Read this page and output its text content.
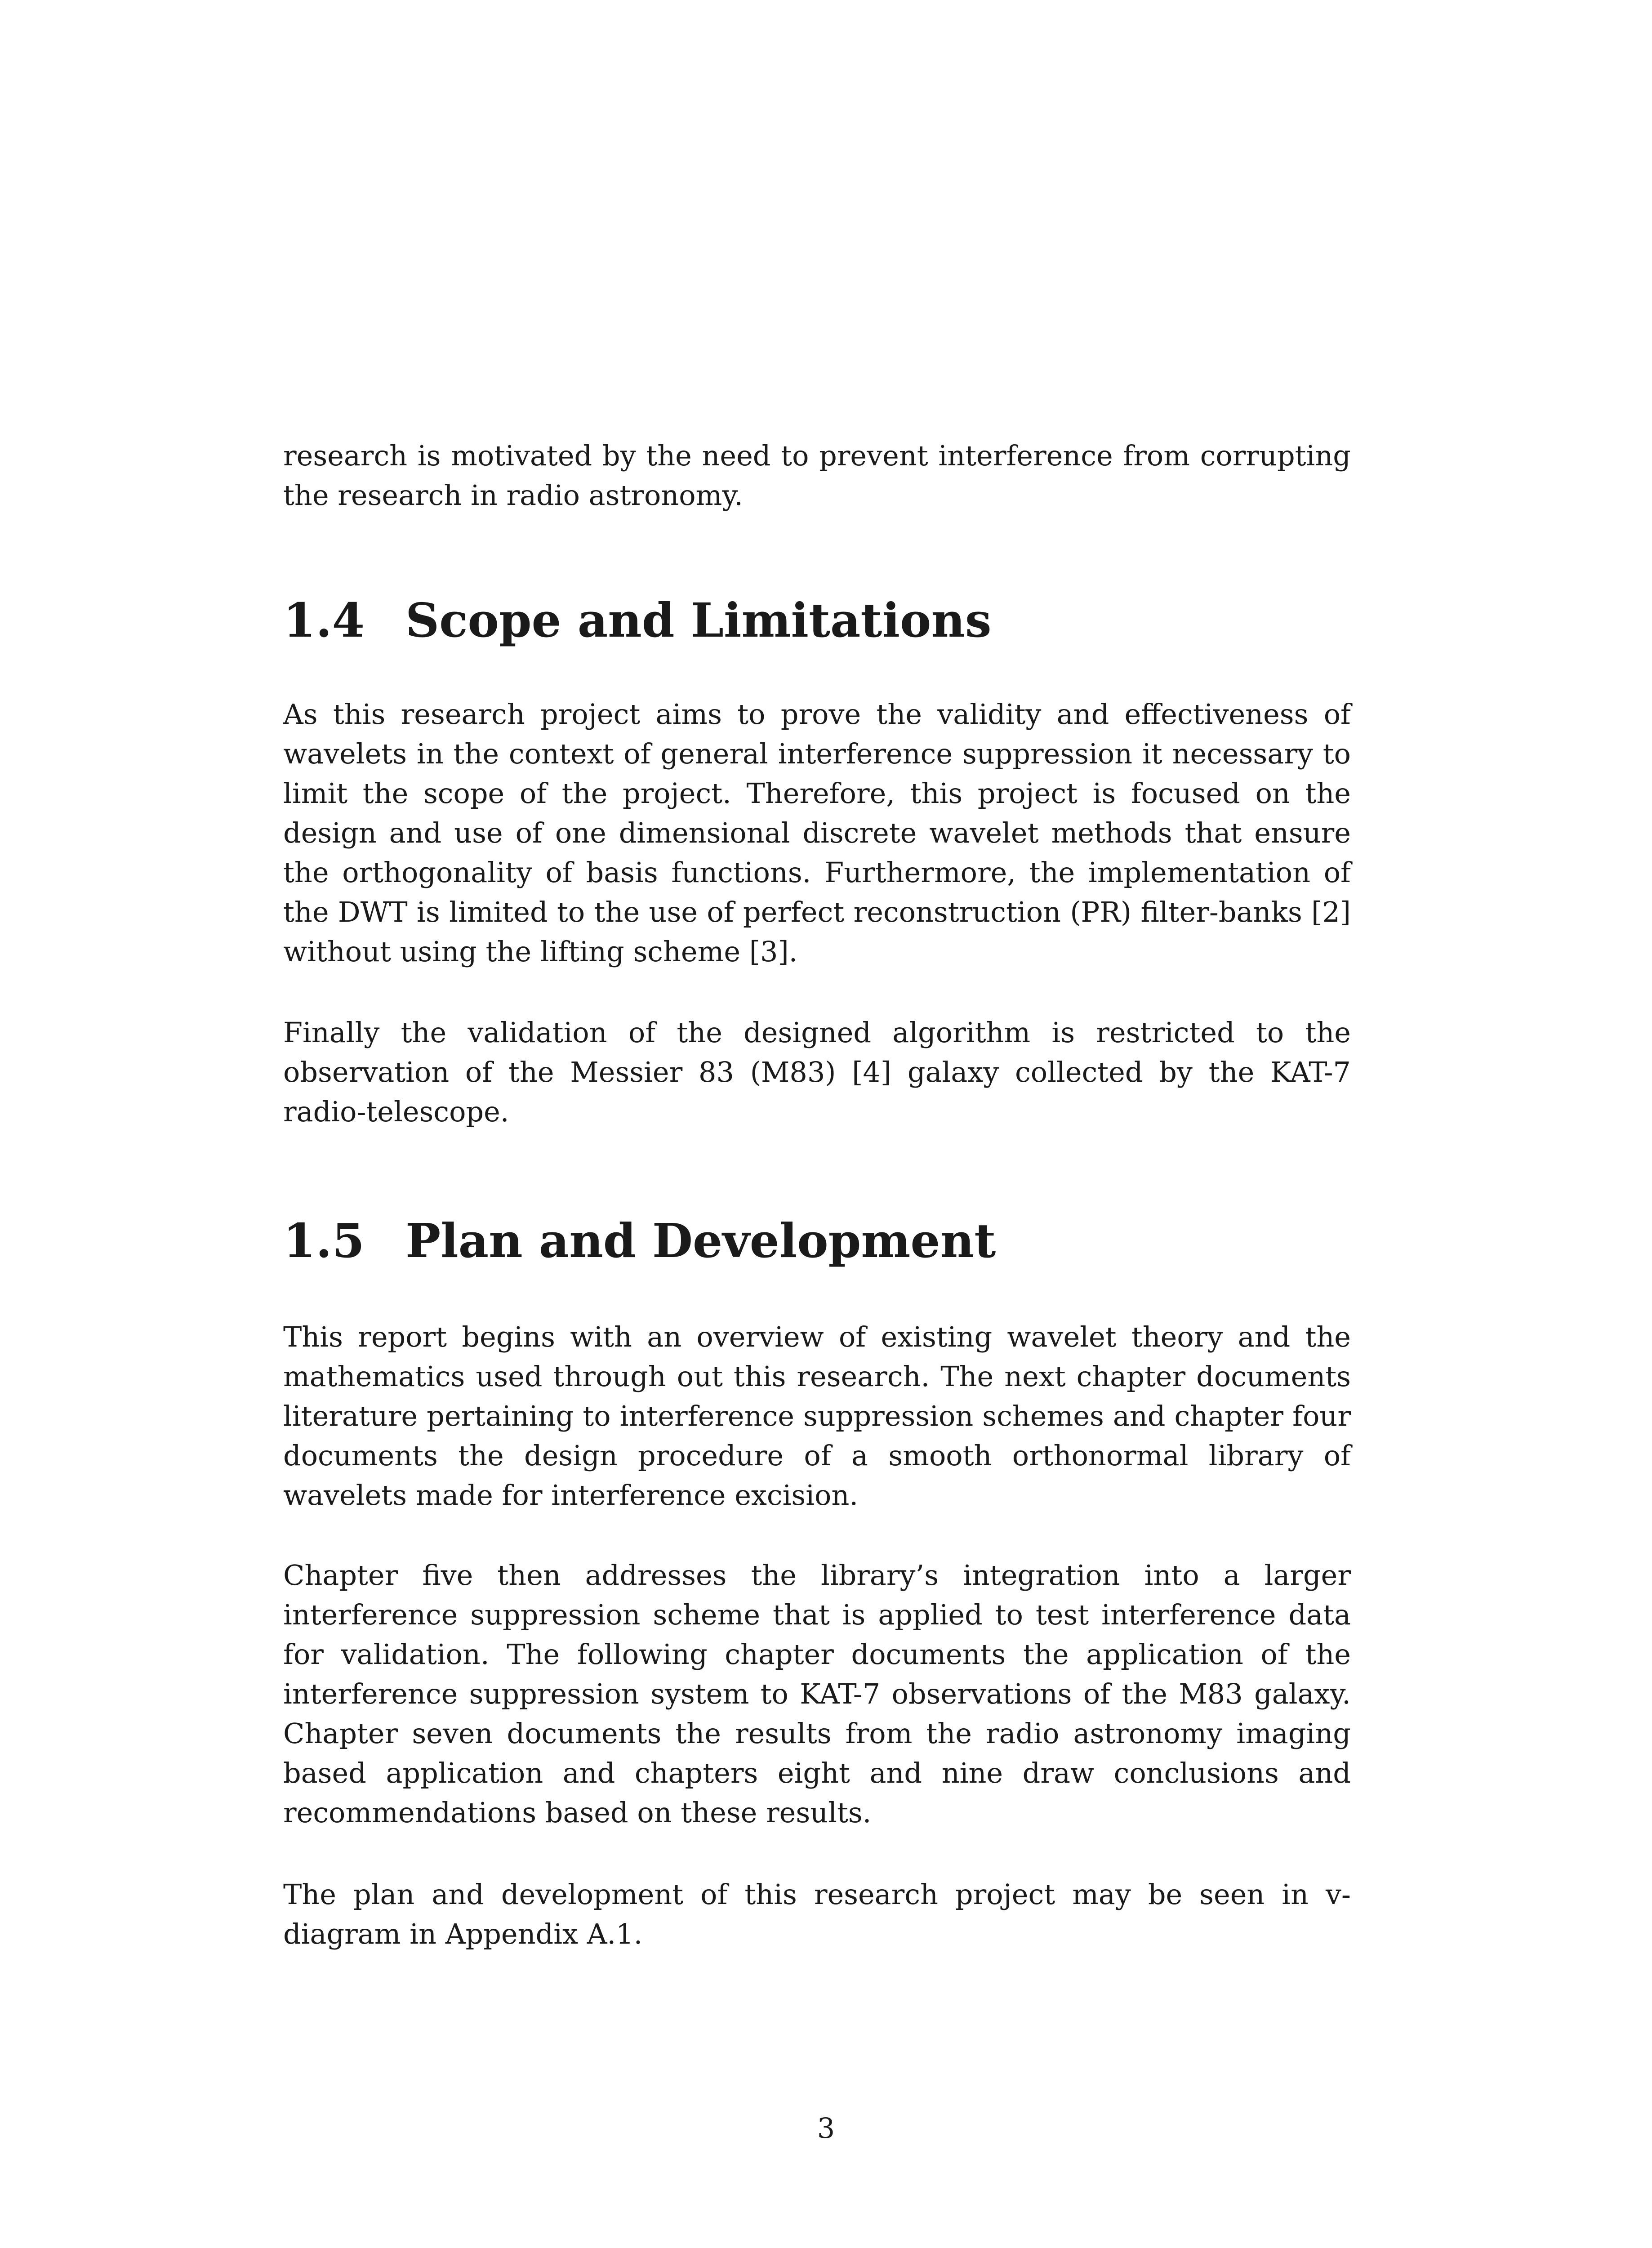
research is motivated by the need to prevent interference from corrupting the research in radio astronomy.

1.4 Scope and Limitations

As this research project aims to prove the validity and effectiveness of wavelets in the context of general interference suppression it necessary to limit the scope of the project. Therefore, this project is focused on the design and use of one dimensional discrete wavelet methods that ensure the orthogonality of basis functions. Furthermore, the implementation of the DWT is limited to the use of perfect reconstruction (PR) filter-banks [2] without using the lifting scheme [3].

Finally the validation of the designed algorithm is restricted to the observation of the Messier 83 (M83) [4] galaxy collected by the KAT-7 radio-telescope.

1.5 Plan and Development

This report begins with an overview of existing wavelet theory and the mathematics used through out this research. The next chapter documents literature pertaining to interference suppression schemes and chapter four documents the design procedure of a smooth orthonormal library of wavelets made for interference excision.

Chapter five then addresses the library’s integration into a larger interference suppression scheme that is applied to test interference data for validation. The following chapter documents the application of the interference suppression system to KAT-7 observations of the M83 galaxy. Chapter seven documents the results from the radio astronomy imaging based application and chapters eight and nine draw conclusions and recommendations based on these results.

The plan and development of this research project may be seen in v-diagram in Appendix A.1.

3
